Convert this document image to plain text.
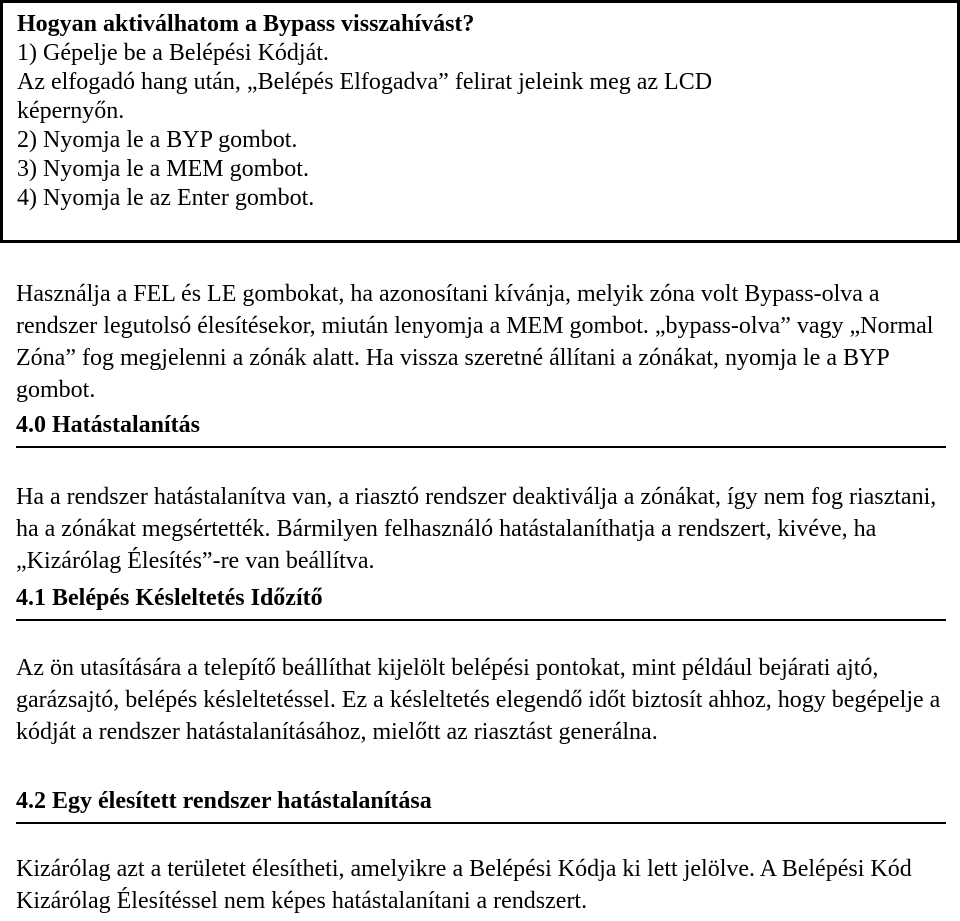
Hogyan aktiválhatom a Bypass visszahívást?
1) Gépelje be a Belépési Kódját.
Az elfogadó hang után, „Belépés Elfogadva” felirat jeleink meg az LCD
képernyőn.
2) Nyomja le a BYP gombot.
3) Nyomja le a MEM gombot.
4) Nyomja le az Enter gombot.

Használja a FEL és LE gombokat, ha azonosítani kívánja, melyik zóna volt Bypass-olva a rendszer legutolsó élesítésekor, miután lenyomja a MEM gombot. „bypass-olva” vagy „Normal Zóna” fog megjelenni a zónák alatt. Ha vissza szeretné állítani a zónákat, nyomja le a BYP gombot.

4.0 Hatástalanítás

Ha a rendszer hatástalanítva van, a riasztó rendszer deaktiválja a zónákat, így nem fog riasztani, ha a zónákat megsértették. Bármilyen felhasználó hatástalaníthatja a rendszert, kivéve, ha „Kizárólag Élesítés”-re van beállítva.

4.1 Belépés Késleltetés Időzítő

Az ön utasítására a telepítő beállíthat kijelölt belépési pontokat, mint például bejárati ajtó, garázsajtó, belépés késleltetéssel. Ez a késleltetés elegendő időt biztosít ahhoz, hogy begépelje a kódját a rendszer hatástalanításához, mielőtt az riasztást generálna.

4.2 Egy élesített rendszer hatástalanítása

Kizárólag azt a területet élesítheti, amelyikre a Belépési Kódja ki lett jelölve. A Belépési Kód Kizárólag Élesítéssel nem képes hatástalanítani a rendszert.
